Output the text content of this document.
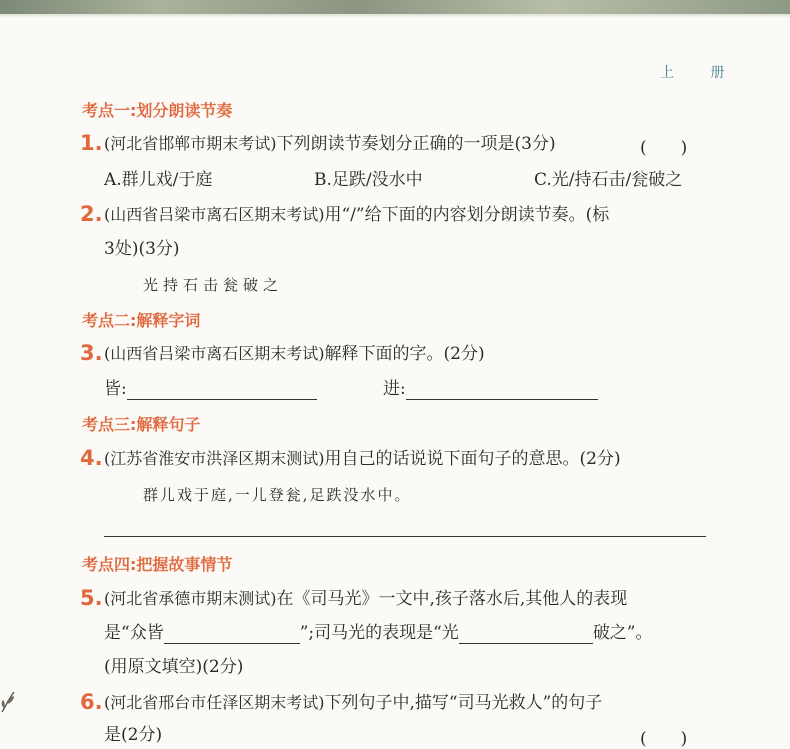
上 册
考点一:划分朗读节奏
1. (河北省邯郸市期末考试)下列朗读节奏划分正确的一项是(3分)	(　　)
A.群儿戏/于庭	B.足跌/没水中	C.光/持石击/瓮破之
2. (山西省吕梁市离石区期末考试)用“/”给下面的内容划分朗读节奏。(标
3处)(3分)
光持石击瓮破之
考点二:解释字词
3. (山西省吕梁市离石区期末考试)解释下面的字。(2分)
皆:	进:
考点三:解释句子
4. (江苏省淮安市洪泽区期末测试)用自己的话说说下面句子的意思。(2分)
群儿戏于庭,一儿登瓮,足跌没水中。
考点四:把握故事情节
5. (河北省承德市期末测试)在《司马光》一文中,孩子落水后,其他人的表现
是“众皆	”;司马光的表现是“光	破之”。
(用原文填空)(2分)
6. (河北省邢台市任泽区期末考试)下列句子中,描写“司马光救人”的句子
是(2分)	(　　)
